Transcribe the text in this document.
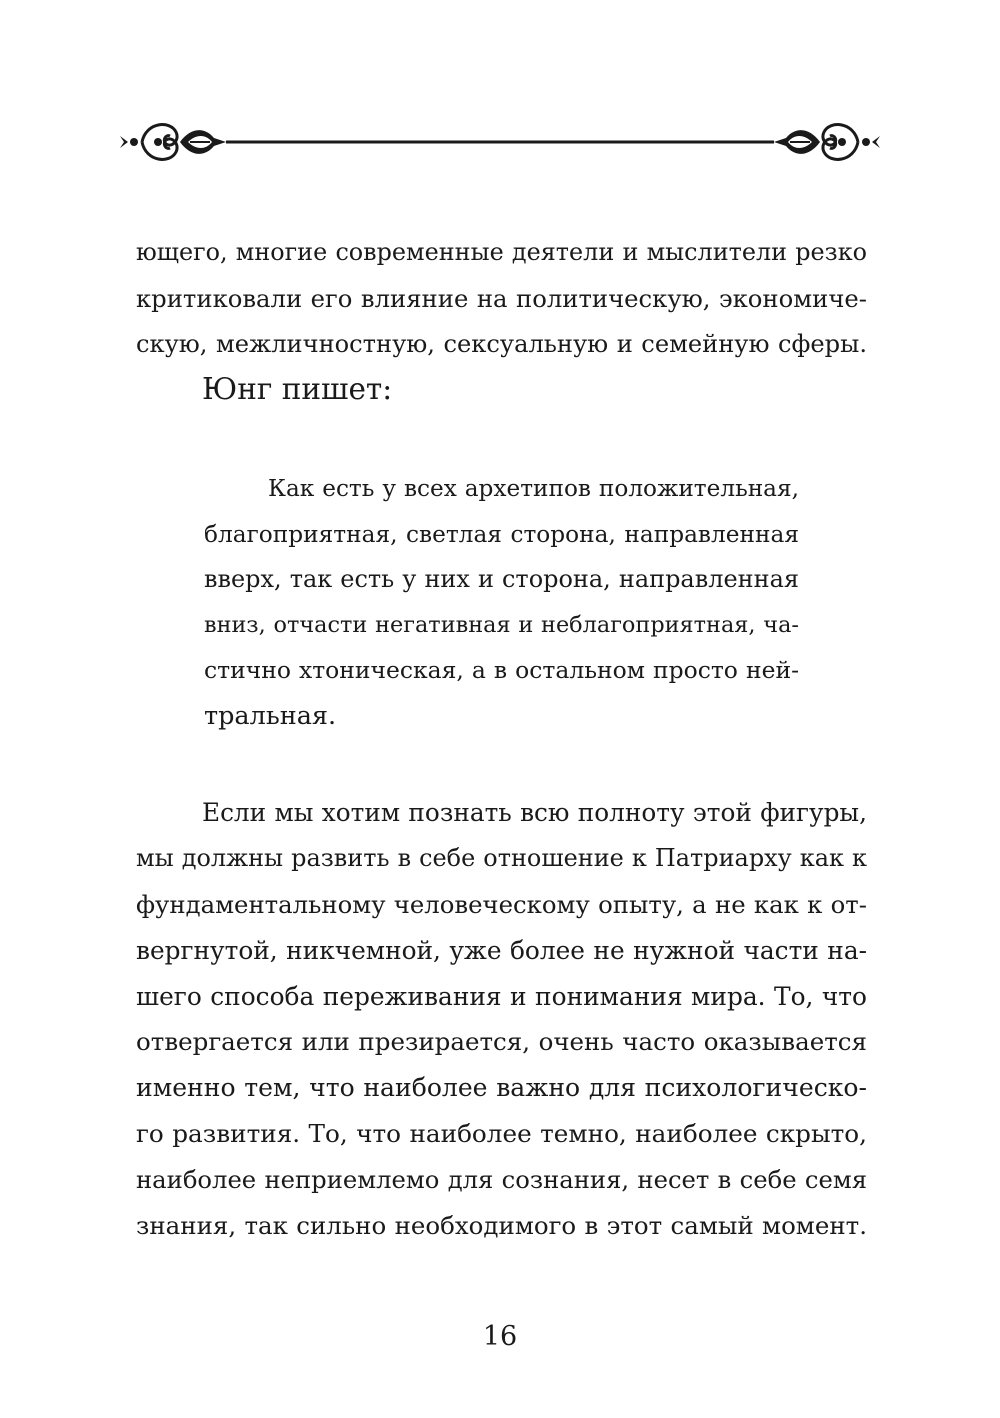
ющего, многие современные деятели и мыслители резко
критиковали его влияние на политическую, экономиче-
скую, межличностную, сексуальную и семейную сферы.
Юнг пишет:
Как есть у всех архетипов положительная,
благоприятная, светлая сторона, направленная
вверх, так есть у них и сторона, направленная
вниз, отчасти негативная и неблагоприятная, ча-
стично хтоническая, а в остальном просто ней-
тральная.
Если мы хотим познать всю полноту этой фигуры,
мы должны развить в себе отношение к Патриарху как к
фундаментальному человеческому опыту, а не как к от-
вергнутой, никчемной, уже более не нужной части на-
шего способа переживания и понимания мира. То, что
отвергается или презирается, очень часто оказывается
именно тем, что наиболее важно для психологическо-
го развития. То, что наиболее темно, наиболее скрыто,
наиболее неприемлемо для сознания, несет в себе семя
знания, так сильно необходимого в этот самый момент.
16
